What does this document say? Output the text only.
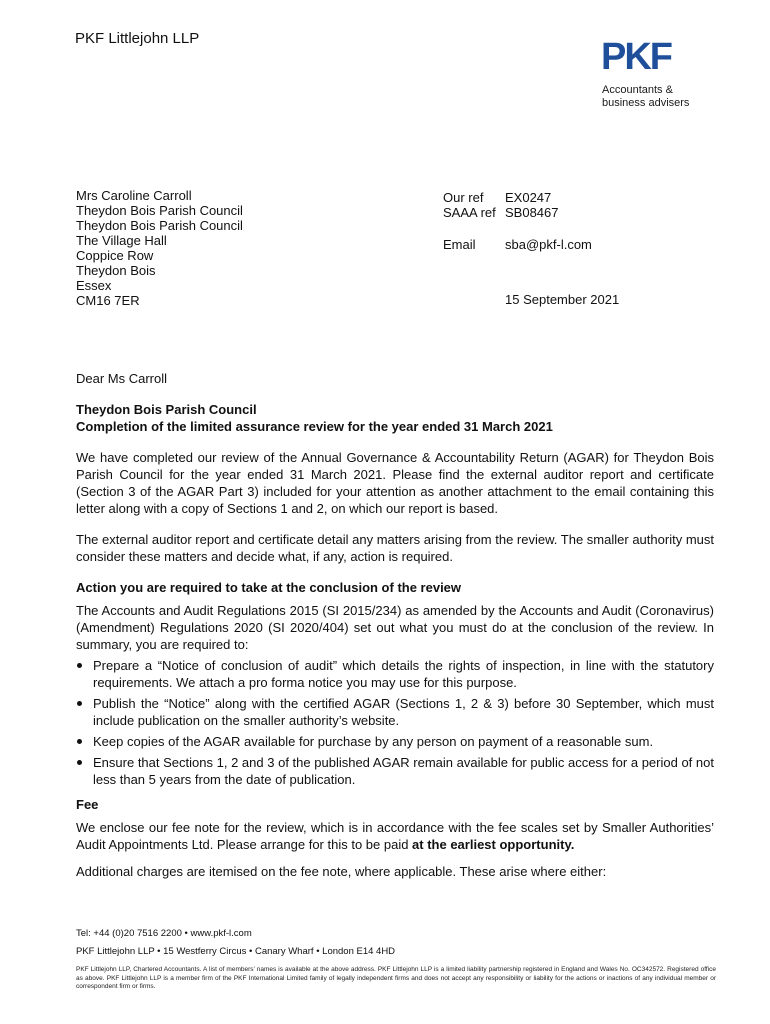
PKF Littlejohn LLP	PKF
Accountants &
business advisers
Mrs Caroline Carroll
Theydon Bois Parish Council
Theydon Bois Parish Council
The Village Hall
Coppice Row
Theydon Bois
Essex
CM16 7ER
Our ref	EX0247
SAAA ref SB08467
Email	sba@pkf-l.com
15 September 2021

Dear Ms Carroll

Theydon Bois Parish Council
Completion of the limited assurance review for the year ended 31 March 2021

We have completed our review of the Annual Governance & Accountability Return (AGAR) for Theydon Bois Parish Council for the year ended 31 March 2021. Please find the external auditor report and certificate (Section 3 of the AGAR Part 3) included for your attention as another attachment to the email containing this letter along with a copy of Sections 1 and 2, on which our report is based.

The external auditor report and certificate detail any matters arising from the review. The smaller authority must consider these matters and decide what, if any, action is required.

Action you are required to take at the conclusion of the review

The Accounts and Audit Regulations 2015 (SI 2015/234) as amended by the Accounts and Audit (Coronavirus) (Amendment) Regulations 2020 (SI 2020/404) set out what you must do at the conclusion of the review. In summary, you are required to:

Prepare a “Notice of conclusion of audit” which details the rights of inspection, in line with the statutory requirements. We attach a pro forma notice you may use for this purpose.
Publish the “Notice” along with the certified AGAR (Sections 1, 2 & 3) before 30 September, which must include publication on the smaller authority’s website.
Keep copies of the AGAR available for purchase by any person on payment of a reasonable sum.
Ensure that Sections 1, 2 and 3 of the published AGAR remain available for public access for a period of not less than 5 years from the date of publication.

Fee

We enclose our fee note for the review, which is in accordance with the fee scales set by Smaller Authorities’ Audit Appointments Ltd. Please arrange for this to be paid at the earliest opportunity.

Additional charges are itemised on the fee note, where applicable. These arise where either:

Tel: +44 (0)20 7516 2200 • www.pkf-l.com
PKF Littlejohn LLP • 15 Westferry Circus • Canary Wharf • London E14 4HD
PKF Littlejohn LLP, Chartered Accountants. A list of members’ names is available at the above address. PKF Littlejohn LLP is a limited liability partnership registered in England and Wales No. OC342572. Registered office as above. PKF Littlejohn LLP is a member firm of the PKF International Limited family of legally independent firms and does not accept any responsibility or liability for the actions or inactions of any individual member or correspondent firm or firms.
